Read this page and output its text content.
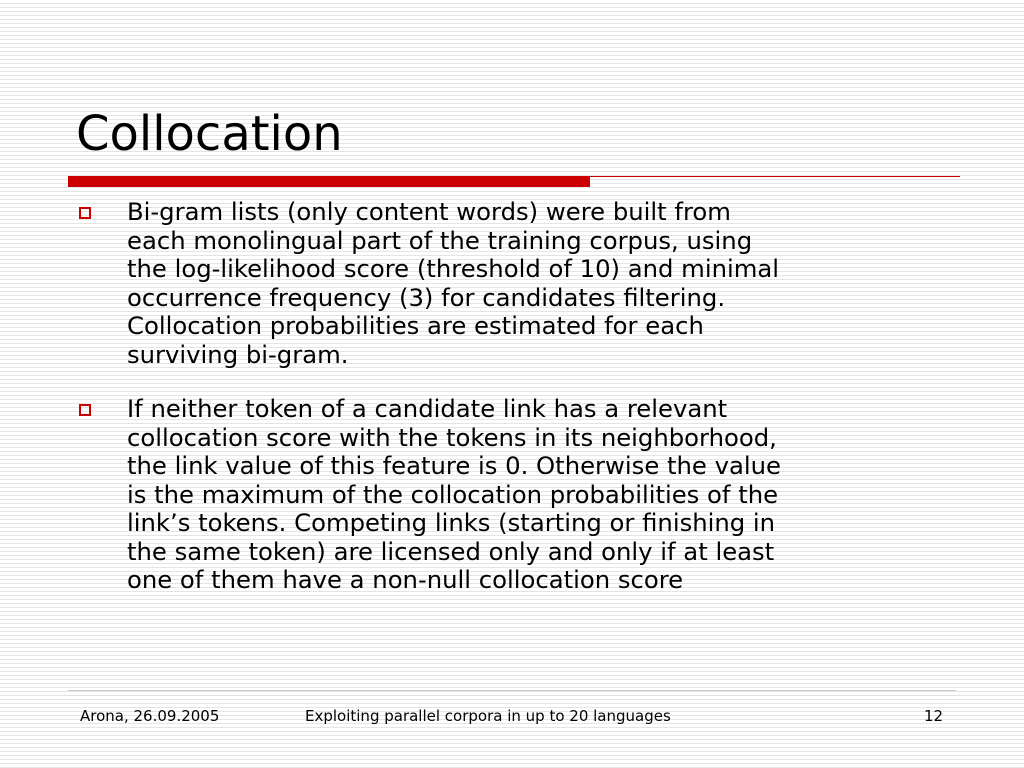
Collocation
Bi-gram lists (only content words) were built from
each monolingual part of the training corpus, using
the log-likelihood score (threshold of 10) and minimal
occurrence frequency (3) for candidates filtering.
Collocation probabilities are estimated for each
surviving bi-gram.
If neither token of a candidate link has a relevant
collocation score with the tokens in its neighborhood,
the link value of this feature is 0. Otherwise the value
is the maximum of the collocation probabilities of the
link’s tokens. Competing links (starting or finishing in
the same token) are licensed only and only if at least
one of them have a non-null collocation score
Arona, 26.09.2005	Exploiting parallel corpora in up to 20 languages	12
